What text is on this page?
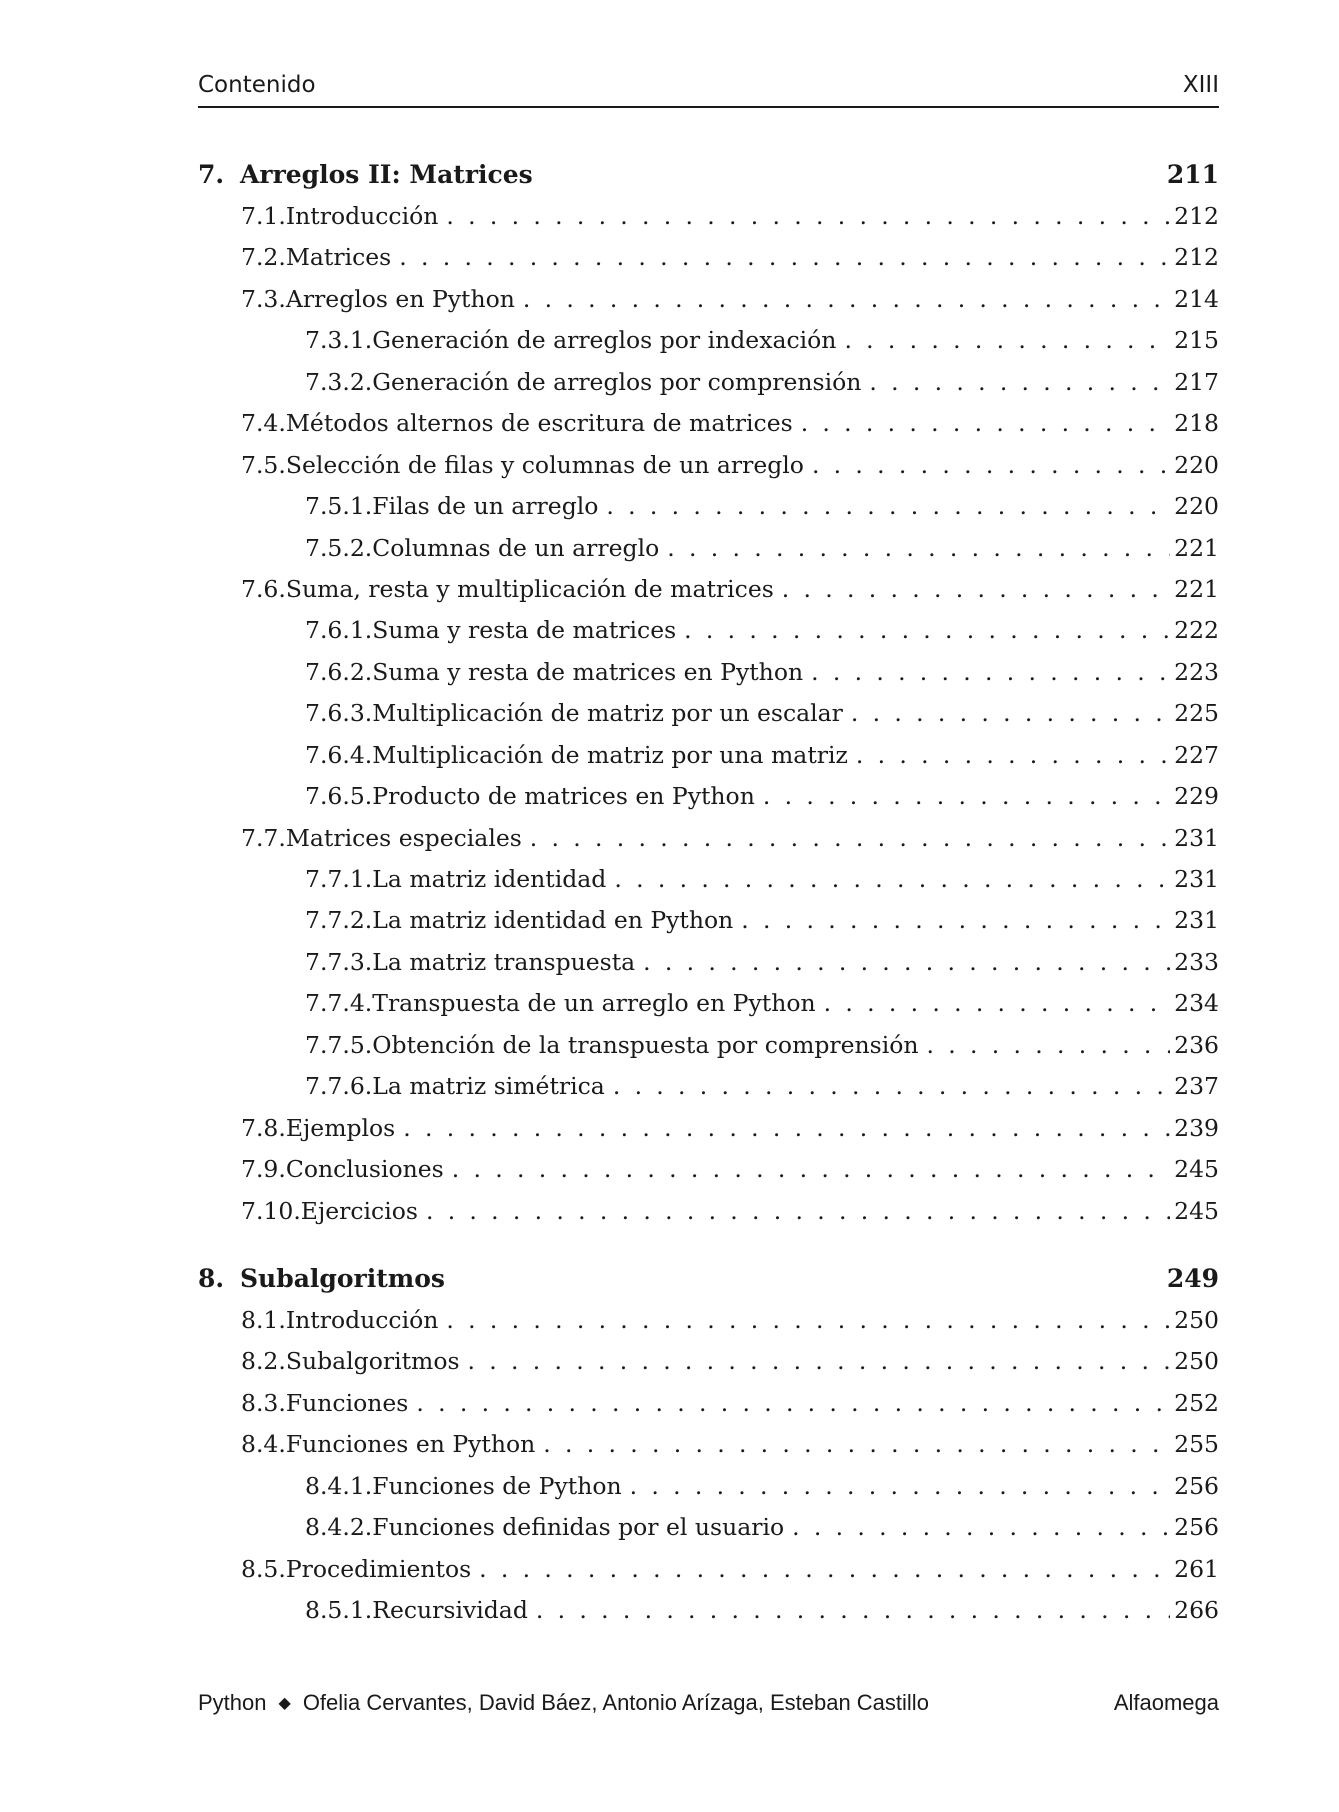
Contenido	XIII
7. Arreglos II: Matrices	211
7.1. Introducción . . .	212
7.2. Matrices . . .	212
7.3. Arreglos en Python . . .	214
7.3.1. Generación de arreglos por indexación . . .	215
7.3.2. Generación de arreglos por comprensión . . .	217
7.4. Métodos alternos de escritura de matrices . . .	218
7.5. Selección de filas y columnas de un arreglo . . .	220
7.5.1. Filas de un arreglo . . .	220
7.5.2. Columnas de un arreglo . . .	221
7.6. Suma, resta y multiplicación de matrices . . .	221
7.6.1. Suma y resta de matrices . . .	222
7.6.2. Suma y resta de matrices en Python . . .	223
7.6.3. Multiplicación de matriz por un escalar . . .	225
7.6.4. Multiplicación de matriz por una matriz . . .	227
7.6.5. Producto de matrices en Python . . .	229
7.7. Matrices especiales . . .	231
7.7.1. La matriz identidad . . .	231
7.7.2. La matriz identidad en Python . . .	231
7.7.3. La matriz transpuesta . . .	233
7.7.4. Transpuesta de un arreglo en Python . . .	234
7.7.5. Obtención de la transpuesta por comprensión . . .	236
7.7.6. La matriz simétrica . . .	237
7.8. Ejemplos . . .	239
7.9. Conclusiones . . .	245
7.10. Ejercicios . . .	245
8. Subalgoritmos	249
8.1. Introducción . . .	250
8.2. Subalgoritmos . . .	250
8.3. Funciones . . .	252
8.4. Funciones en Python . . .	255
8.4.1. Funciones de Python . . .	256
8.4.2. Funciones definidas por el usuario . . .	256
8.5. Procedimientos . . .	261
8.5.1. Recursividad . . .	266
Python ◆ Ofelia Cervantes, David Báez, Antonio Arízaga, Esteban Castillo	Alfaomega
